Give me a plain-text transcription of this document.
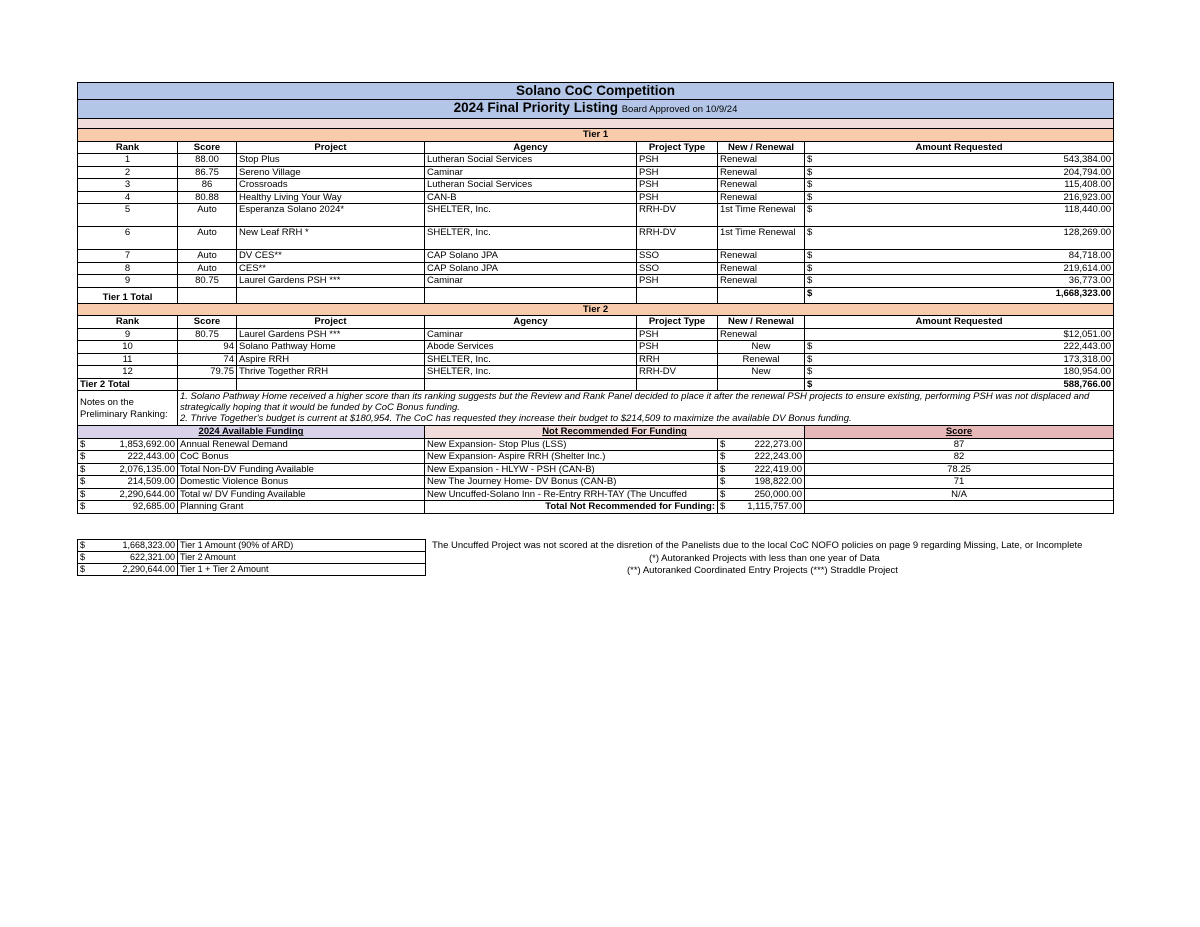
Solano CoC Competition						
2024 Final Priority Listing Board Approved on 10/9/24						

Tier 1						
Rank	Score	Project	Agency	Project Type	New / Renewal	Amount Requested
1	88.00	Stop Plus	Lutheran Social Services	PSH	Renewal	$ 543,384.00

2	86.75	Sereno Village	Caminar	PSH	Renewal	$ 204,794.00

3	86	Crossroads	Lutheran Social Services	PSH	Renewal	$ 115,408.00

4	80.88	Healthy Living Your Way	CAN-B	PSH	Renewal	$ 216,923.00

5	Auto	Esperanza Solano 2024*	SHELTER, Inc.	RRH-DV	1st Time Renewal	$ 118,440.00

6	Auto	New Leaf RRH *	SHELTER, Inc.	RRH-DV	1st Time Renewal	$ 128,269.00

7	Auto	DV CES**	CAP Solano JPA	SSO	Renewal	$ 84,718.00

8	Auto	CES**	CAP Solano JPA	SSO	Renewal	$ 219,614.00

9	80.75	Laurel Gardens PSH ***	Caminar	PSH	Renewal	$ 36,773.00

Tier 1 Total						$ 1,668,323.00

Tier 2						
Rank	Score	Project	Agency	Project Type	New / Renewal	Amount Requested
9	80.75	Laurel Gardens PSH ***	Caminar	PSH	Renewal	$12,051.00
10	94	Solano Pathway Home	Abode Services	PSH	New	$ 222,443.00

11	74	Aspire RRH	SHELTER, Inc.	RRH	Renewal	$ 173,318.00

12	79.75	Thrive Together RRH	SHELTER, Inc.	RRH-DV	New	$ 180,954.00

Tier 2 Total						$ 588,766.00

Notes on the Preliminary Ranking:	1. Solano Pathway Home received a higher score than its ranking suggests but the Review and Rank Panel decided to place it after the renewal PSH projects to ensure existing, performing PSH was not displaced and strategically hoping that it would be funded by CoC Bonus funding.
2. Thrive Together's budget is current at $180,954. The CoC has requested they increase their budget to $214,509 to maximize the available DV Bonus funding.					

2024 Available Funding			Not Recommended For Funding			Score

$ 1,853,692.00	Annual Renewal Demand		New Expansion- Stop Plus (LSS)		$ 222,273.00	87

$ 222,443.00	CoC Bonus		New Expansion- Aspire RRH (Shelter Inc.)		$ 222,243.00	82

$ 2,076,135.00	Total Non-DV Funding Available		New Expansion - HLYW - PSH (CAN-B)		$ 222,419.00	78.25

$ 214,509.00	Domestic Violence Bonus		New The Journey Home- DV Bonus (CAN-B)		$ 198,822.00	71

$ 2,290,644.00	Total w/ DV Funding Available		New Uncuffed-Solano Inn - Re-Entry RRH-TAY (The Uncuffed		$ 250,000.00	N/A

$ 92,685.00	Planning Grant		Total Not Recommended for Funding:		$ 1,115,757.00	

$ 1,668,323.00	Tier 1 Amount (90% of ARD)

$ 622,321.00	Tier 2 Amount

$ 2,290,644.00	Tier 1 + Tier 2 Amount
The Uncuffed Project was not scored at the disretion of the Panelists due to the local CoC NOFO policies on page 9 regarding Missing, Late, or Incomplete
(*) Autoranked Projects with less than one year of Data
(**) Autoranked Coordinated Entry Projects (***) Straddle Project
